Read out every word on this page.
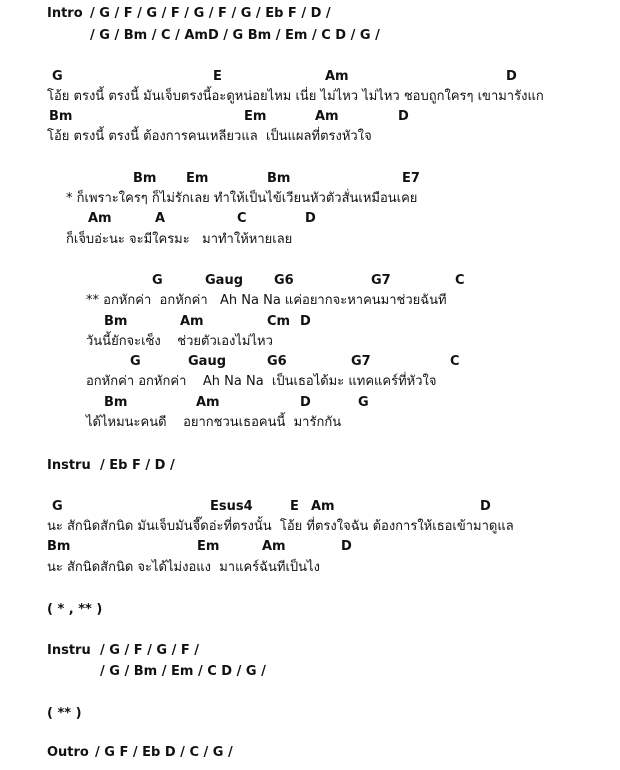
Intro / G / F / G / F / G / F / G / Eb F / D /
/ G / Bm / C / AmD / G Bm / Em / C D / G /
G	E	Am	D
โอ้ย ตรงนี้ ตรงนี้ มันเจ็บตรงนี้อะดูหน่อยไหม เนี่ย ไม่ไหว ไม่ไหว ชอบถูกใครๆ เขามารังแก
Bm	Em	Am	D
โอ้ย ตรงนี้ ตรงนี้ ต้องการคนเหลียวแล  เป็นแผลที่ตรงหัวใจ
Bm Em	Bm	E7
* ก็เพราะใครๆ ก็ไม่รักเลย ทำให้เป็นไข้เวียนหัวตัวสั่นเหมือนเคย
Am	A	C	D
ก็เจ็บอ่ะนะ จะมีใครมะ   มาทำให้หายเลย
G	Gaug G6	G7	C
** อกหักค่า  อกหักค่า   Ah Na Na แค่อยากจะหาคนมาช่วยฉันที
Bm	Am	Cm D
วันนี้ยักจะเซ็ง    ช่วยตัวเองไม่ไหว
G	Gaug	G6	G7	C
อกหักค่า อกหักค่า    Ah Na Na  เป็นเธอได้มะ แทคแคร์ที่หัวใจ
Bm	Am	D	G
ได้ไหมนะคนดี    อยากชวนเธอคนนี้  มารักกัน
Instru / Eb F / D /
G	Esus4	E Am	D
นะ สักนิดสักนิด มันเจ็บมันจี๊ดอ่ะที่ตรงนั้น  โอ้ย ที่ตรงใจฉัน ต้องการให้เธอเข้ามาดูแล
Bm	Em	Am	D
นะ สักนิดสักนิด จะได้ไม่งอแง  มาแคร์ฉันทีเป็นไง
( * , ** )
Instru / G / F / G / F /
/ G / Bm / Em / C D / G /
( ** )
Outro / G F / Eb D / C / G /
